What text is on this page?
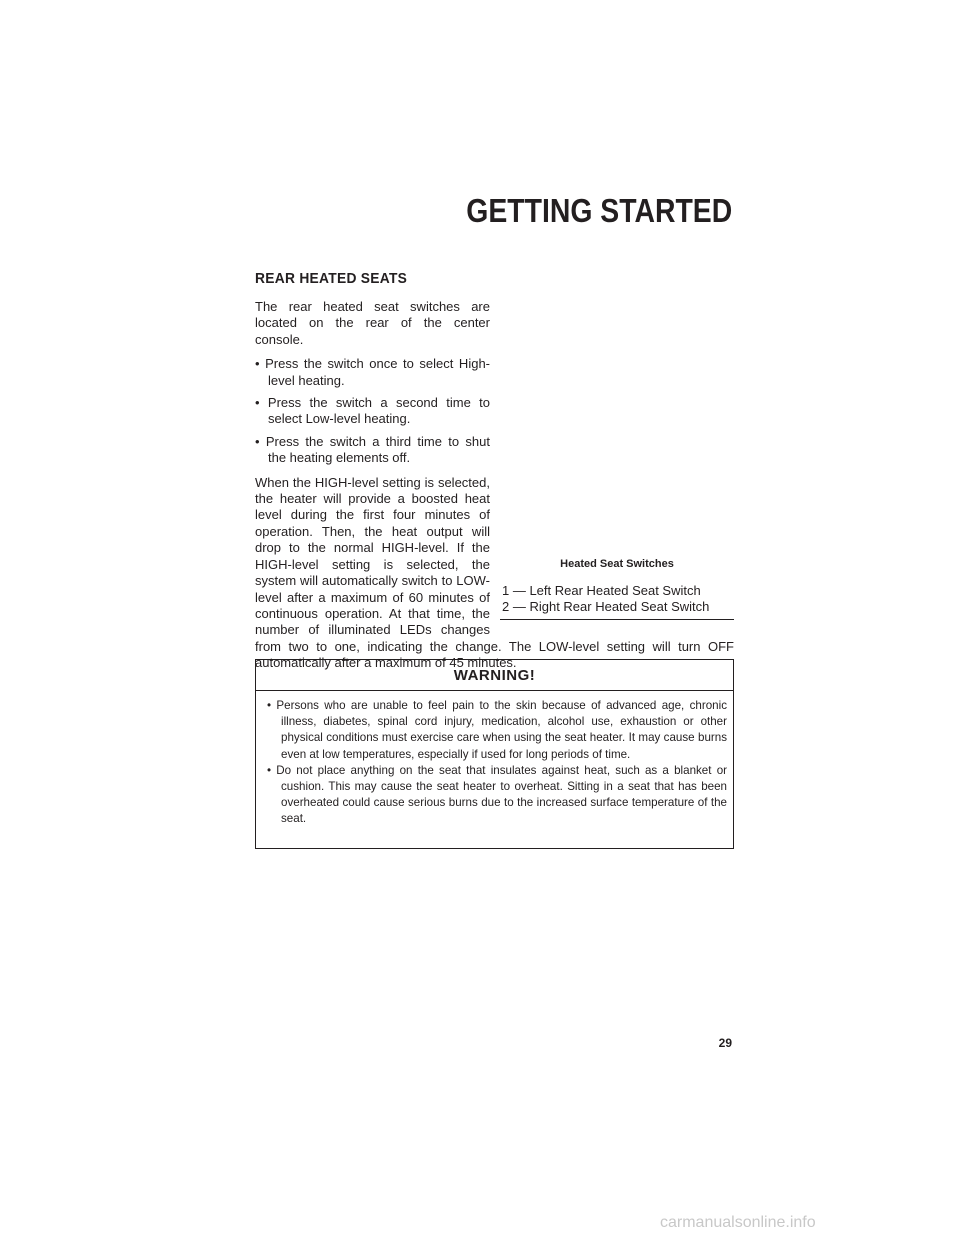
GETTING STARTED
REAR HEATED SEATS
Heated Seat Switches
1 — Left Rear Heated Seat Switch
2 — Right Rear Heated Seat Switch

The rear heated seat switches are located on the rear of the center console.

• Press the switch once to select High-level heating.
• Press the switch a second time to select Low-level heating.
• Press the switch a third time to shut the heating elements off.

When the HIGH-level setting is selected, the heater will provide a boosted heat level during the first four minutes of operation. Then, the heat output will drop to the normal HIGH-level. If the HIGH-level setting is selected, the system will automatically switch to LOW-level after a maximum of 60 minutes of continuous operation. At that time, the number of illuminated LEDs changes from two to one, indicating the change. The LOW-level setting will turn OFF automatically after a maximum of 45 minutes.

WARNING!
• Persons who are unable to feel pain to the skin because of advanced age, chronic illness, diabetes, spinal cord injury, medication, alcohol use, exhaustion or other physical conditions must exercise care when using the seat heater. It may cause burns even at low temperatures, especially if used for long periods of time.
• Do not place anything on the seat that insulates against heat, such as a blanket or cushion. This may cause the seat heater to overheat. Sitting in a seat that has been overheated could cause serious burns due to the increased surface temperature of the seat.
29
carmanualsonline.info
